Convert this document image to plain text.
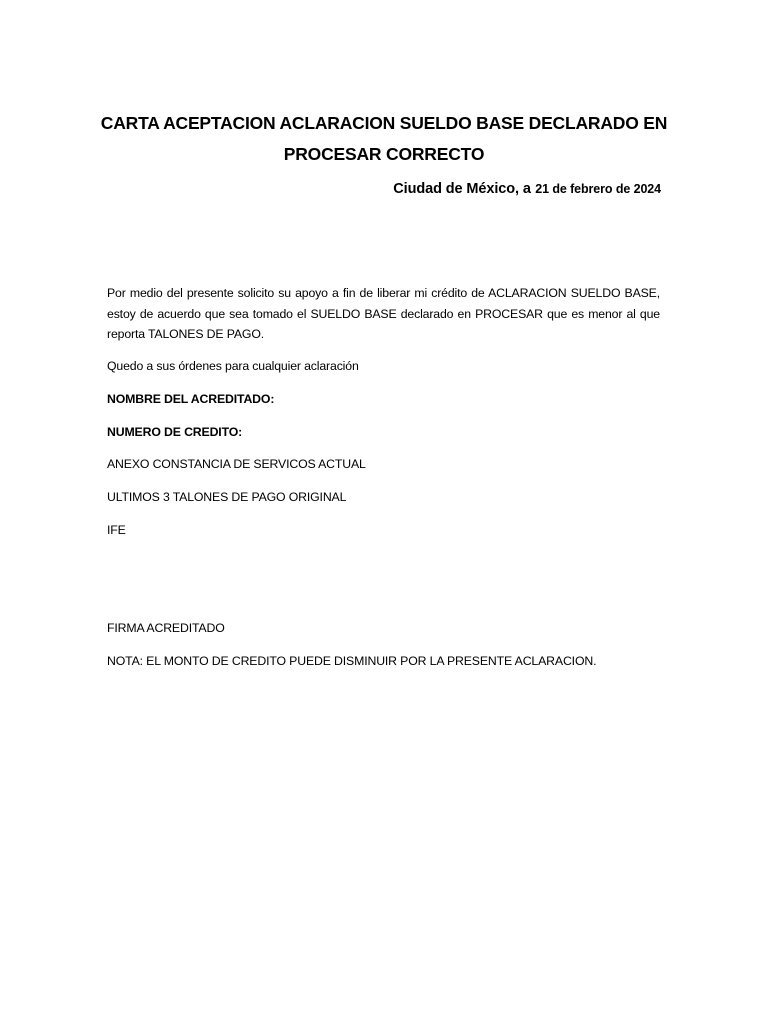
CARTA ACEPTACION ACLARACION SUELDO BASE DECLARADO EN
PROCESAR CORRECTO
Ciudad de México, a 21 de febrero de 2024

Por medio del presente solicito su apoyo a fin de liberar mi crédito de ACLARACION SUELDO BASE, estoy de acuerdo que sea tomado el SUELDO BASE declarado en PROCESAR que es menor al que reporta TALONES DE PAGO.

Quedo a sus órdenes para cualquier aclaración

NOMBRE DEL ACREDITADO:

NUMERO DE CREDITO:

ANEXO CONSTANCIA DE SERVICOS ACTUAL

ULTIMOS 3 TALONES DE PAGO ORIGINAL

IFE

FIRMA ACREDITADO

NOTA: EL MONTO DE CREDITO PUEDE DISMINUIR POR LA PRESENTE ACLARACION.
